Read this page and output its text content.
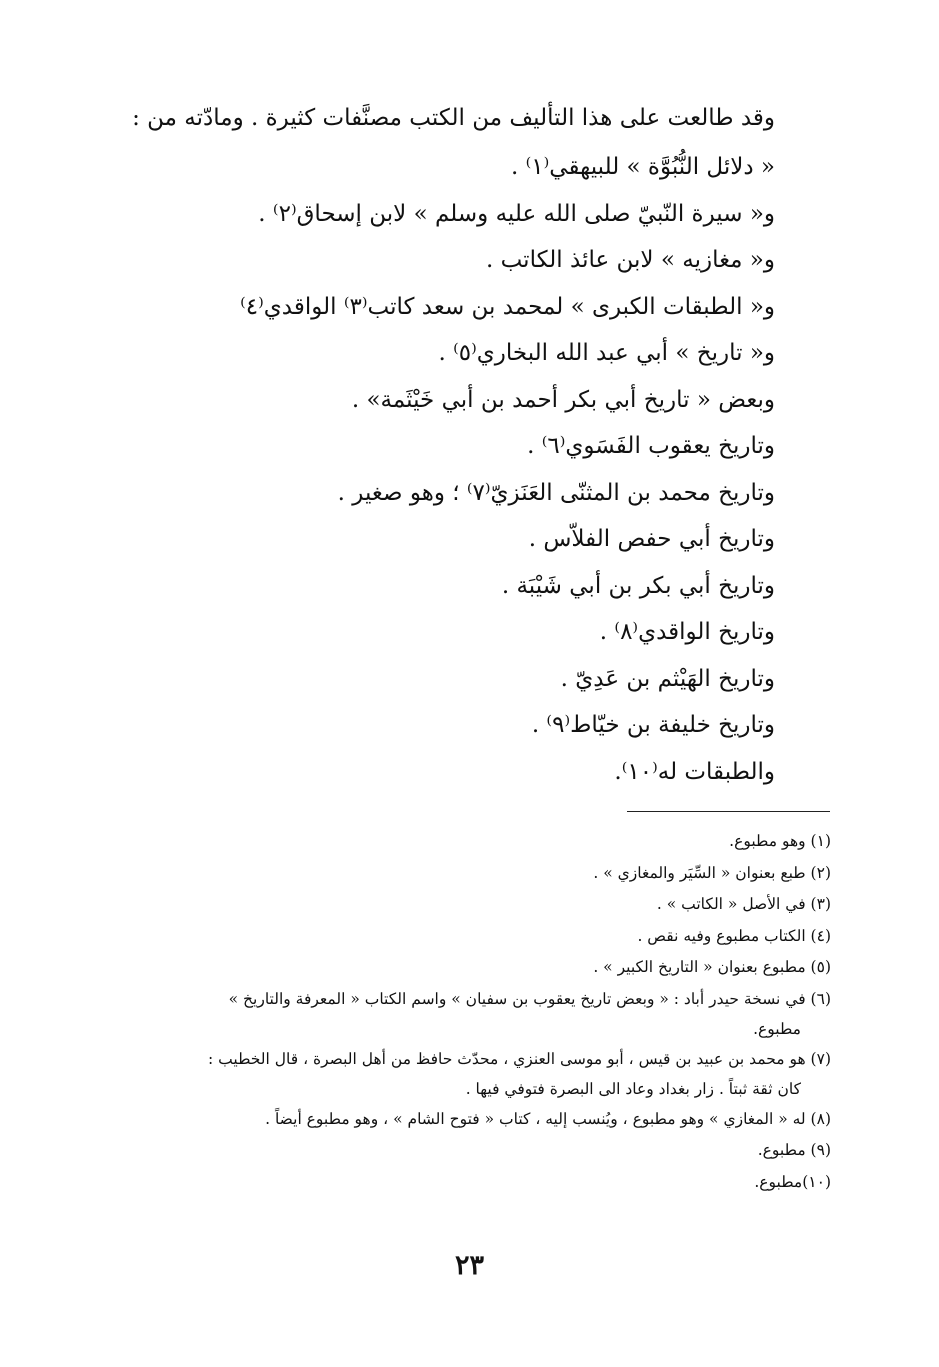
وقد طالعت على هذا التأليف من الكتب مصنَّفات كثيرة . ومادّته من :
« دلائل النُّبُوَّة » للبيهقي⁽١⁾ .
و« سيرة النّبيّ صلى الله عليه وسلم » لابن إسحاق⁽٢⁾ .
و« مغازيه » لابن عائذ الكاتب .
و« الطبقات الكبرى » لمحمد بن سعد كاتب⁽٣⁾ الواقدي⁽٤⁾
و« تاريخ » أبي عبد الله البخاري⁽٥⁾ .
وبعض « تاريخ أبي بكر أحمد بن أبي خَيْثَمة» .
وتاريخ يعقوب الفَسَوي⁽٦⁾ .
وتاريخ محمد بن المثنّى العَنَزيّ⁽٧⁾ ؛ وهو صغير .
وتاريخ أبي حفص الفلاّس .
وتاريخ أبي بكر بن أبي شَيْبَة .
وتاريخ الواقدي⁽٨⁾ .
وتاريخ الهَيْثم بن عَدِيّ .
وتاريخ خليفة بن خيّاط⁽٩⁾ .
والطبقات له⁽١٠⁾.
(١) وهو مطبوع.
(٢) طبع بعنوان « السِّيَر والمغازي » .
(٣) في الأصل « الكاتب » .
(٤) الكتاب مطبوع وفيه نقص .
(٥) مطبوع بعنوان « التاريخ الكبير » .
(٦) في نسخة حيدر أباد : « وبعض تاريخ يعقوب بن سفيان » واسم الكتاب « المعرفة والتاريخ »
مطبوع.
(٧) هو محمد بن عبيد بن قيس ، أبو موسى العنزي ، محدّث حافظ من أهل البصرة ، قال الخطيب :
كان ثقة ثبتاً . زار بغداد وعاد الى البصرة فتوفي فيها .
(٨) له « المغازي » وهو مطبوع ، ويُنسب إليه ، كتاب « فتوح الشام » ، وهو مطبوع أيضاً .
(٩) مطبوع.
(١٠)مطبوع.
٢٣
